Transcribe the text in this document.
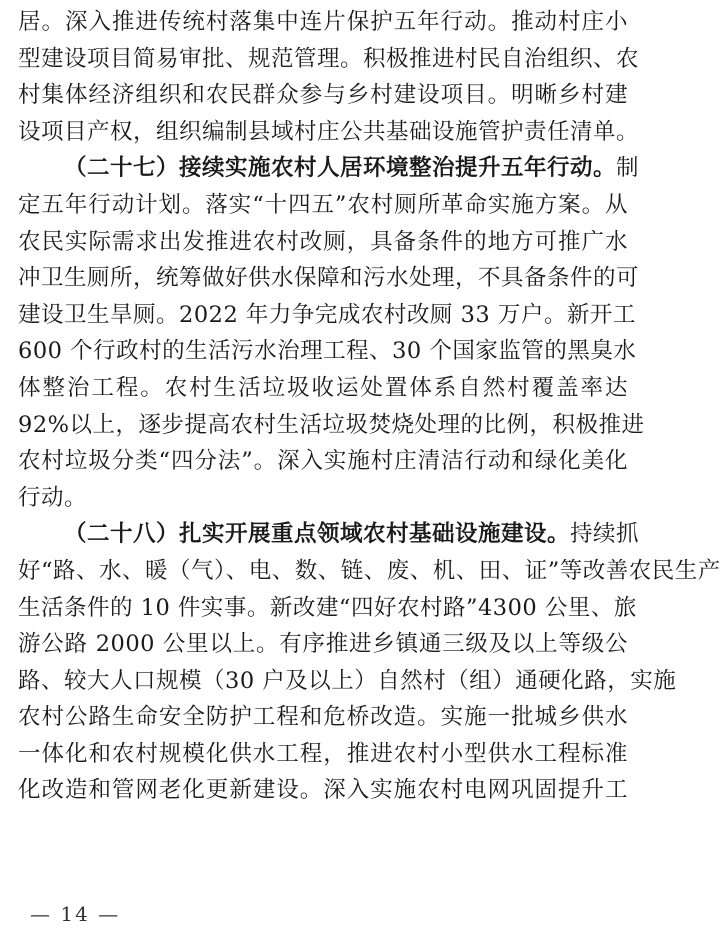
居。深入推进传统村落集中连片保护五年行动。推动村庄小
型建设项目简易审批、规范管理。积极推进村民自治组织、农
村集体经济组织和农民群众参与乡村建设项目。明晰乡村建
设项目产权，组织编制县域村庄公共基础设施管护责任清单。
（二十七）接续实施农村人居环境整治提升五年行动。制
定五年行动计划。落实“十四五”农村厕所革命实施方案。从
农民实际需求出发推进农村改厕，具备条件的地方可推广水
冲卫生厕所，统筹做好供水保障和污水处理，不具备条件的可
建设卫生旱厕。2022 年力争完成农村改厕 33 万户。新开工
600 个行政村的生活污水治理工程、30 个国家监管的黑臭水
体整治工程。农村生活垃圾收运处置体系自然村覆盖率达
92%以上，逐步提高农村生活垃圾焚烧处理的比例，积极推进
农村垃圾分类“四分法”。深入实施村庄清洁行动和绿化美化
行动。
（二十八）扎实开展重点领域农村基础设施建设。持续抓
好“路、水、暖（气）、电、数、链、废、机、田、证”等改善农民生产
生活条件的 10 件实事。新改建“四好农村路”4300 公里、旅
游公路 2000 公里以上。有序推进乡镇通三级及以上等级公
路、较大人口规模（30 户及以上）自然村（组）通硬化路，实施
农村公路生命安全防护工程和危桥改造。实施一批城乡供水
一体化和农村规模化供水工程，推进农村小型供水工程标准
化改造和管网老化更新建设。深入实施农村电网巩固提升工
— 14 —
